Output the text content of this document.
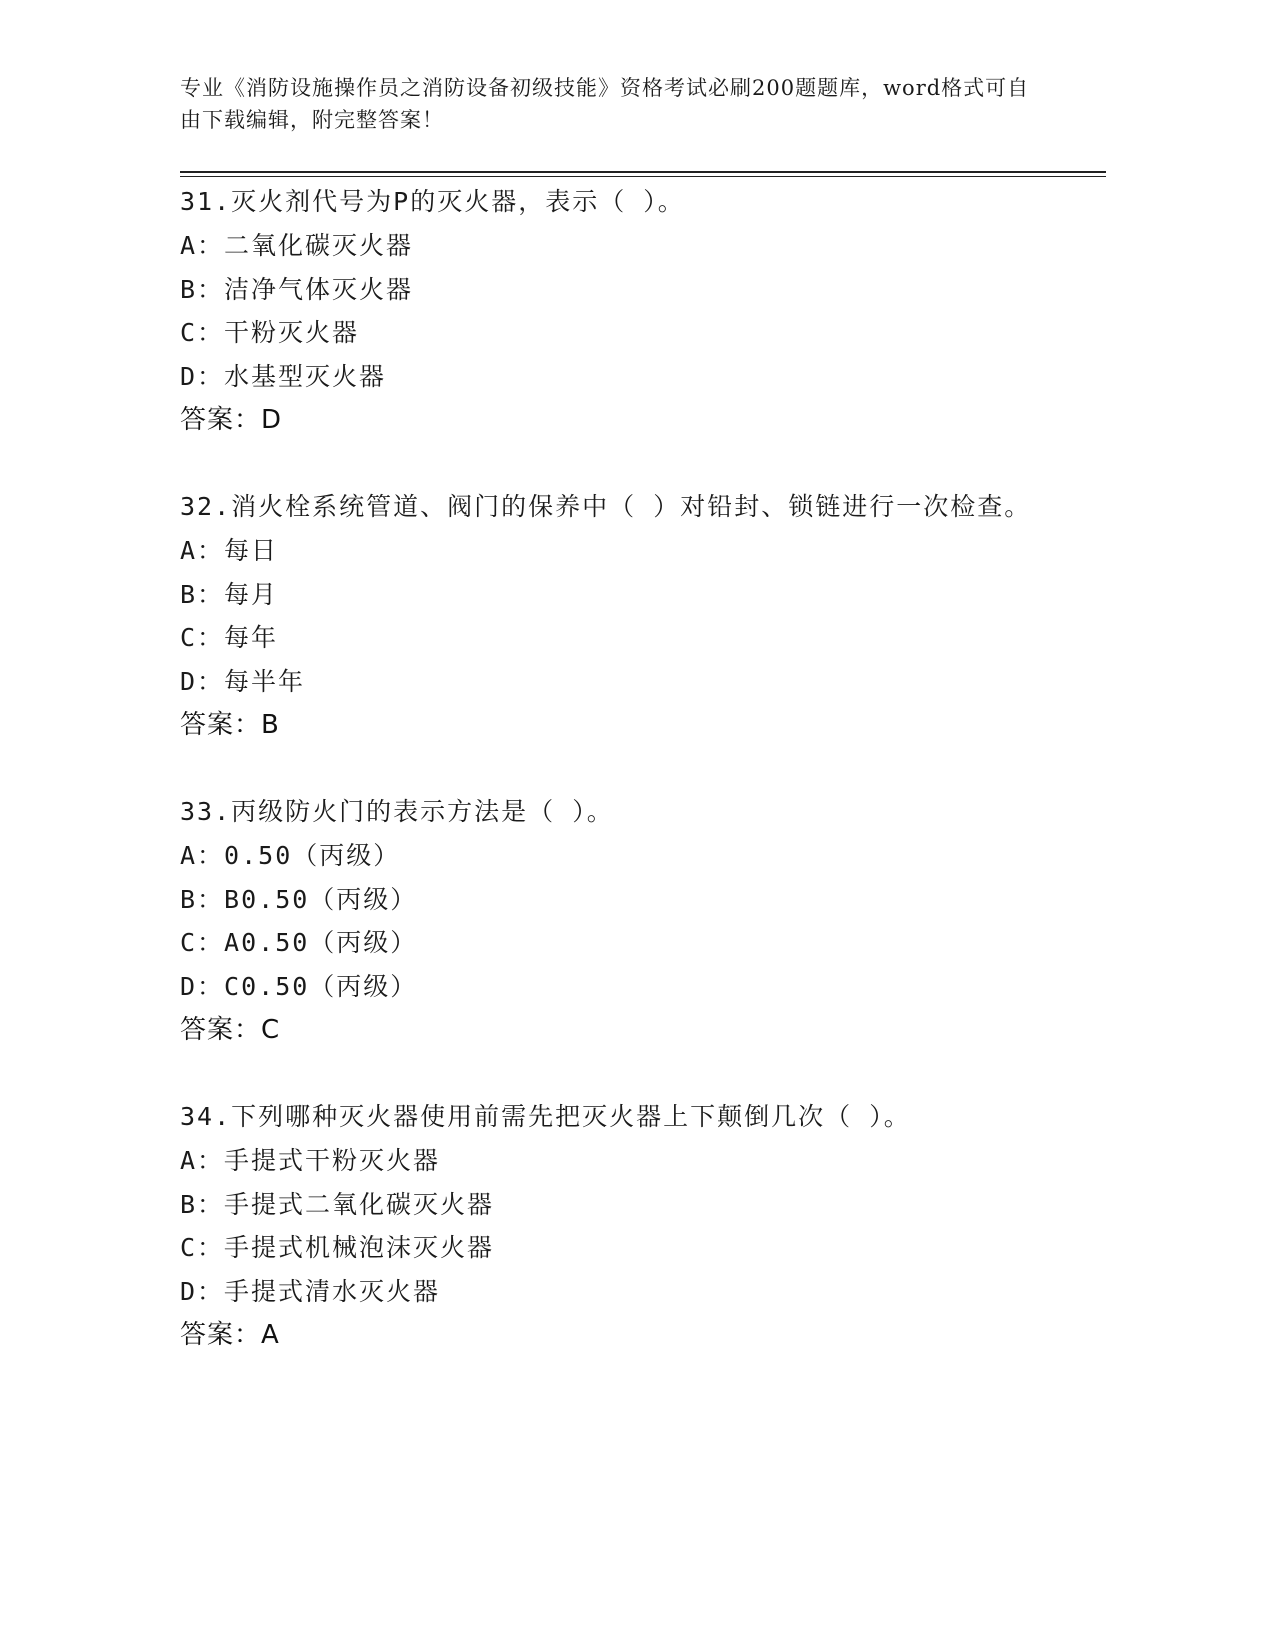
专业《消防设施操作员之消防设备初级技能》资格考试必刷200题题库，word格式可自由下载编辑，附完整答案！
31.灭火剂代号为P的灭火器，表示（ ）。
A：二氧化碳灭火器
B：洁净气体灭火器
C：干粉灭火器
D：水基型灭火器
答案：D
32.消火栓系统管道、阀门的保养中（ ）对铅封、锁链进行一次检查。
A：每日
B：每月
C：每年
D：每半年
答案：B
33.丙级防火门的表示方法是（ ）。
A：0.50（丙级）
B：B0.50（丙级）
C：A0.50（丙级）
D：C0.50（丙级）
答案：C
34.下列哪种灭火器使用前需先把灭火器上下颠倒几次（ ）。
A：手提式干粉灭火器
B：手提式二氧化碳灭火器
C：手提式机械泡沫灭火器
D：手提式清水灭火器
答案：A
